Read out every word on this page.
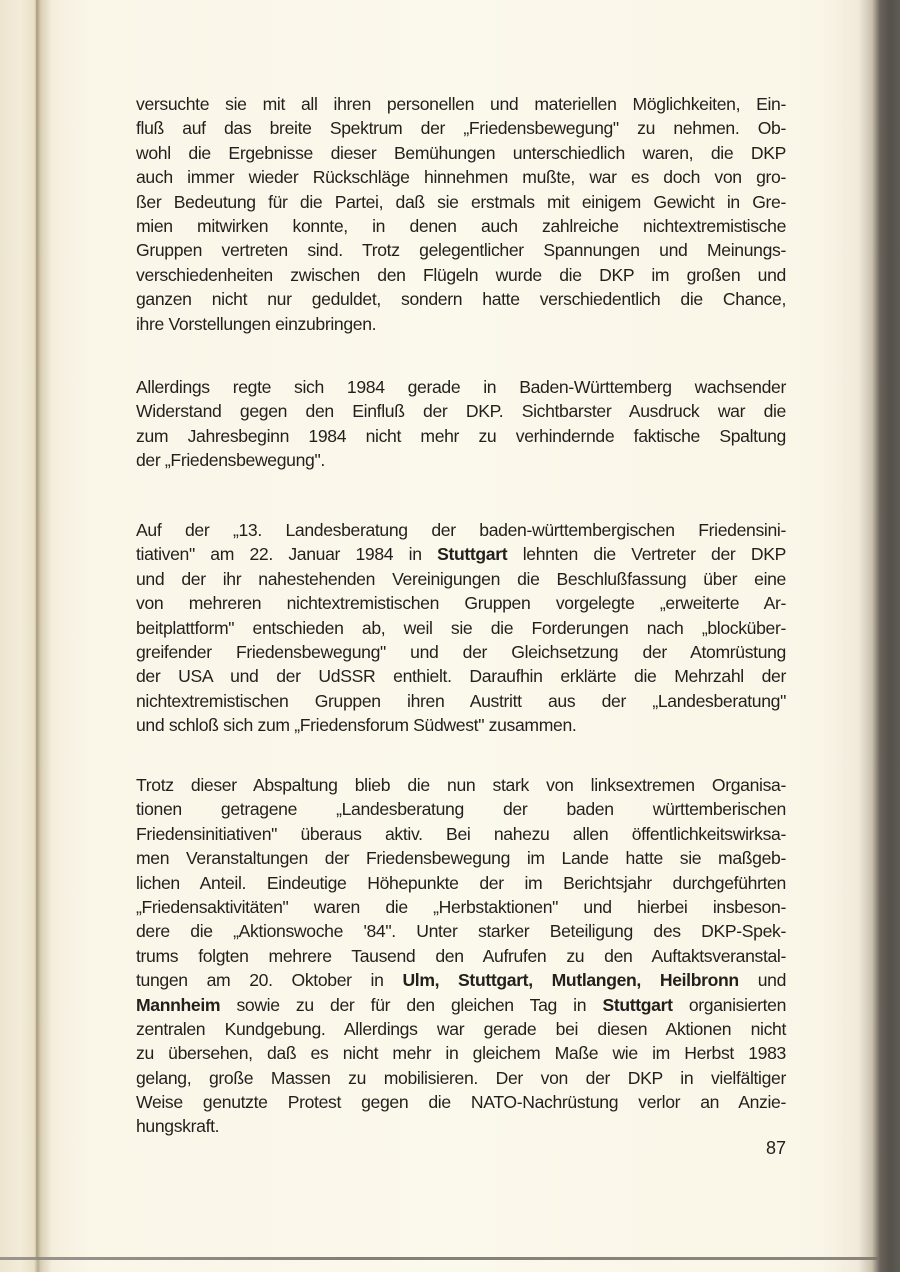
versuchte sie mit all ihren personellen und materiellen Möglichkeiten, Ein-
fluß auf das breite Spektrum der „Friedensbewegung" zu nehmen. Ob-
wohl die Ergebnisse dieser Bemühungen unterschiedlich waren, die DKP
auch immer wieder Rückschläge hinnehmen mußte, war es doch von gro-
ßer Bedeutung für die Partei, daß sie erstmals mit einigem Gewicht in Gre-
mien mitwirken konnte, in denen auch zahlreiche nichtextremistische
Gruppen vertreten sind. Trotz gelegentlicher Spannungen und Meinungs-
verschiedenheiten zwischen den Flügeln wurde die DKP im großen und
ganzen nicht nur geduldet, sondern hatte verschiedentlich die Chance,
ihre Vorstellungen einzubringen.
Allerdings regte sich 1984 gerade in Baden-Württemberg wachsender
Widerstand gegen den Einfluß der DKP. Sichtbarster Ausdruck war die
zum Jahresbeginn 1984 nicht mehr zu verhindernde faktische Spaltung
der „Friedensbewegung".
Auf der „13. Landesberatung der baden-württembergischen Friedensini-
tiativen" am 22. Januar 1984 in Stuttgart lehnten die Vertreter der DKP
und der ihr nahestehenden Vereinigungen die Beschlußfassung über eine
von mehreren nichtextremistischen Gruppen vorgelegte „erweiterte Ar-
beitplattform" entschieden ab, weil sie die Forderungen nach „blocküber-
greifender Friedensbewegung" und der Gleichsetzung der Atomrüstung
der USA und der UdSSR enthielt. Daraufhin erklärte die Mehrzahl der
nichtextremistischen Gruppen ihren Austritt aus der „Landesberatung"
und schloß sich zum „Friedensforum Südwest" zusammen.
Trotz dieser Abspaltung blieb die nun stark von linksextremen Organisa-
tionen getragene „Landesberatung der baden württemberischen
Friedensinitiativen" überaus aktiv. Bei nahezu allen öffentlichkeitswirksa-
men Veranstaltungen der Friedensbewegung im Lande hatte sie maßgeb-
lichen Anteil. Eindeutige Höhepunkte der im Berichtsjahr durchgeführten
„Friedensaktivitäten" waren die „Herbstaktionen" und hierbei insbeson-
dere die „Aktionswoche '84". Unter starker Beteiligung des DKP-Spek-
trums folgten mehrere Tausend den Aufrufen zu den Auftaktsveranstal-
tungen am 20. Oktober in Ulm, Stuttgart, Mutlangen, Heilbronn und
Mannheim sowie zu der für den gleichen Tag in Stuttgart organisierten
zentralen Kundgebung. Allerdings war gerade bei diesen Aktionen nicht
zu übersehen, daß es nicht mehr in gleichem Maße wie im Herbst 1983
gelang, große Massen zu mobilisieren. Der von der DKP in vielfältiger
Weise genutzte Protest gegen die NATO-Nachrüstung verlor an Anzie-
hungskraft.
87
